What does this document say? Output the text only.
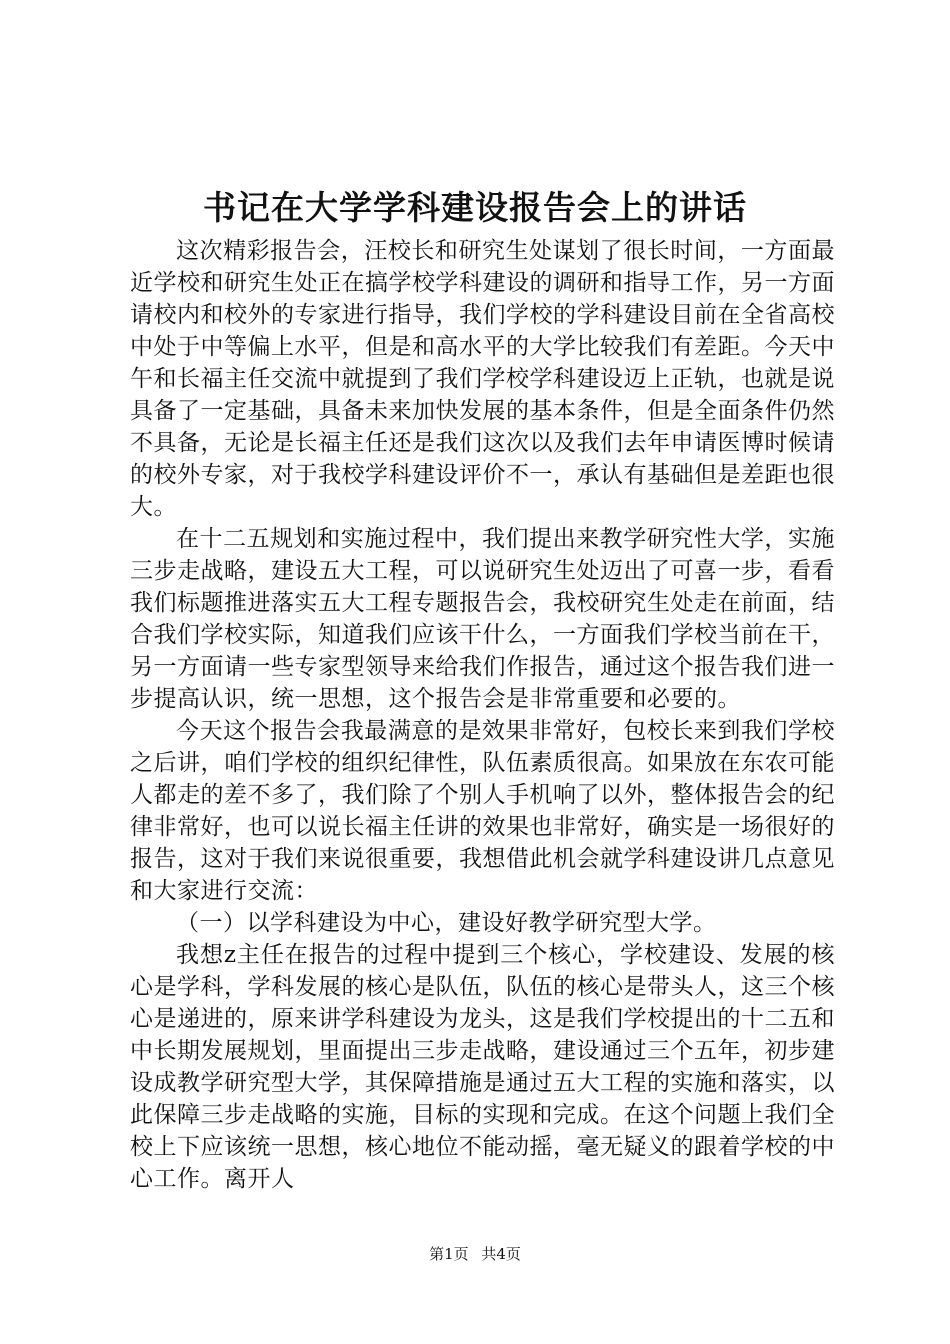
书记在大学学科建设报告会上的讲话

这次精彩报告会，汪校长和研究生处谋划了很长时间，一方面最近学校和研究生处正在搞学校学科建设的调研和指导工作，另一方面请校内和校外的专家进行指导，我们学校的学科建设目前在全省高校中处于中等偏上水平，但是和高水平的大学比较我们有差距。今天中午和长福主任交流中就提到了我们学校学科建设迈上正轨，也就是说具备了一定基础，具备未来加快发展的基本条件，但是全面条件仍然不具备，无论是长福主任还是我们这次以及我们去年申请医博时候请的校外专家，对于我校学科建设评价不一，承认有基础但是差距也很大。

在十二五规划和实施过程中，我们提出来教学研究性大学，实施三步走战略，建设五大工程，可以说研究生处迈出了可喜一步，看看我们标题推进落实五大工程专题报告会，我校研究生处走在前面，结合我们学校实际，知道我们应该干什么，一方面我们学校当前在干，另一方面请一些专家型领导来给我们作报告，通过这个报告我们进一步提高认识，统一思想，这个报告会是非常重要和必要的。

今天这个报告会我最满意的是效果非常好，包校长来到我们学校之后讲，咱们学校的组织纪律性，队伍素质很高。如果放在东农可能人都走的差不多了，我们除了个别人手机响了以外，整体报告会的纪律非常好，也可以说长福主任讲的效果也非常好，确实是一场很好的报告，这对于我们来说很重要，我想借此机会就学科建设讲几点意见和大家进行交流：

（一）以学科建设为中心，建设好教学研究型大学。

我想z主任在报告的过程中提到三个核心，学校建设、发展的核心是学科，学科发展的核心是队伍，队伍的核心是带头人，这三个核心是递进的，原来讲学科建设为龙头，这是我们学校提出的十二五和中长期发展规划，里面提出三步走战略，建设通过三个五年，初步建设成教学研究型大学，其保障措施是通过五大工程的实施和落实，以此保障三步走战略的实施，目标的实现和完成。在这个问题上我们全校上下应该统一思想，核心地位不能动摇，毫无疑义的跟着学校的中心工作。离开人

第1页 共4页
